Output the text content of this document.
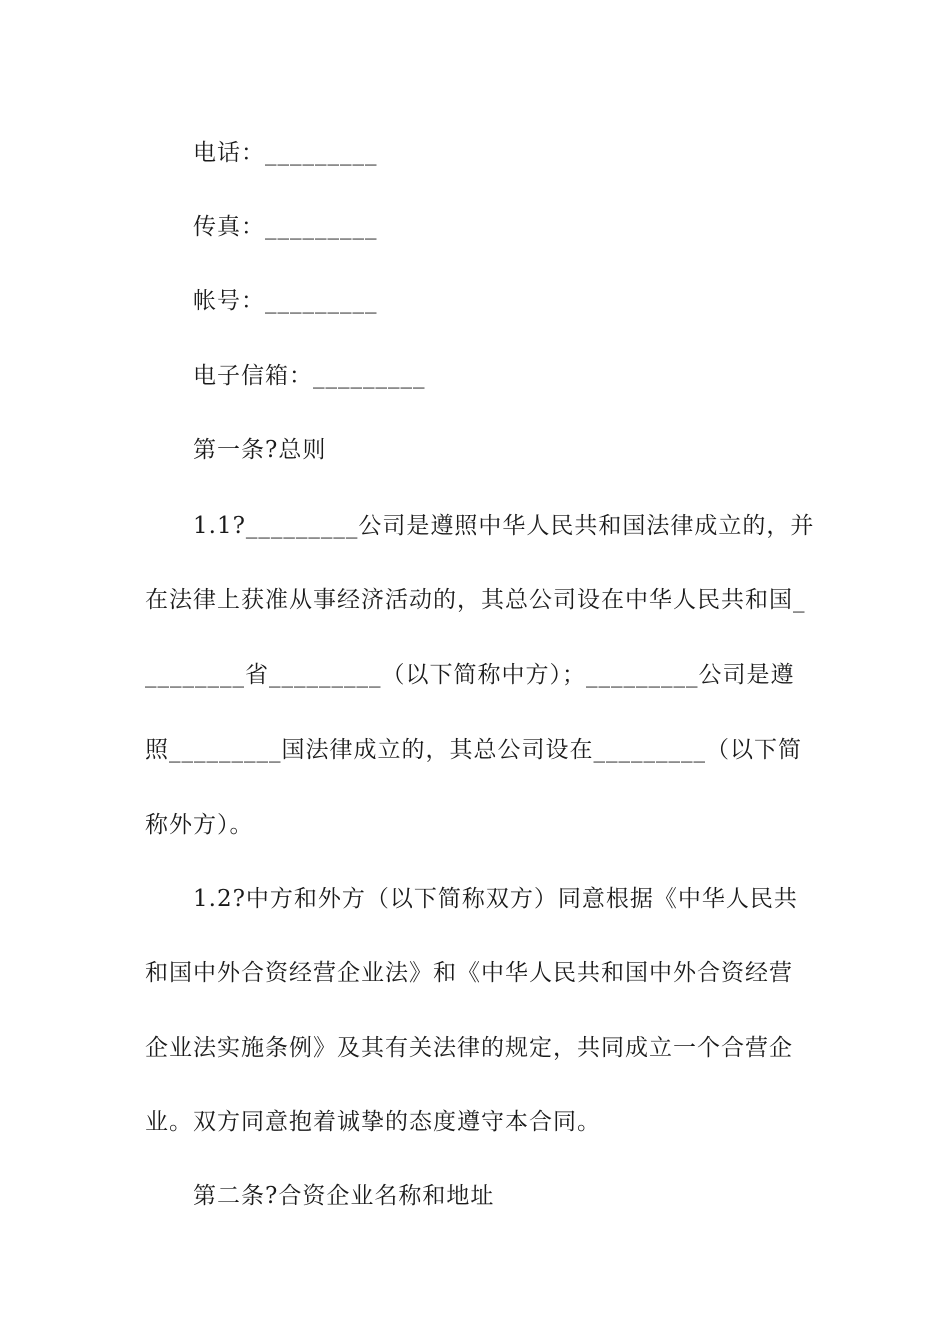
电话：_________
传真：_________
帐号：_________
电子信箱：_________
第一条?总则
1.1?_________公司是遵照中华人民共和国法律成立的，并
在法律上获准从事经济活动的，其总公司设在中华人民共和国_
________省_________（以下简称中方）；_________公司是遵
照_________国法律成立的，其总公司设在_________（以下简
称外方）。
1.2?中方和外方（以下简称双方）同意根据《中华人民共
和国中外合资经营企业法》和《中华人民共和国中外合资经营
企业法实施条例》及其有关法律的规定，共同成立一个合营企
业。双方同意抱着诚挚的态度遵守本合同。
第二条?合资企业名称和地址
